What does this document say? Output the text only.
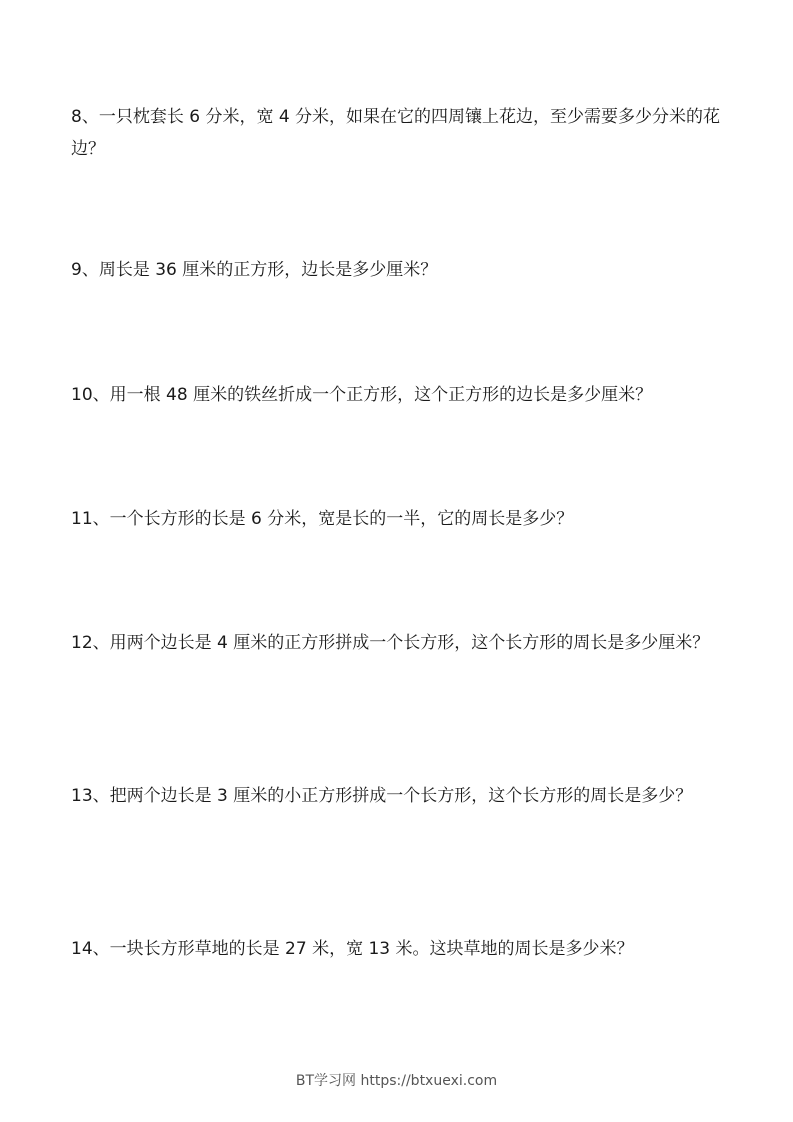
8、一只枕套长 6 分米，宽 4 分米，如果在它的四周镶上花边，至少需要多少分米的花边？

9、周长是 36 厘米的正方形，边长是多少厘米？

10、用一根 48 厘米的铁丝折成一个正方形，这个正方形的边长是多少厘米？

11、一个长方形的长是 6 分米，宽是长的一半，它的周长是多少？

12、用两个边长是 4 厘米的正方形拼成一个长方形，这个长方形的周长是多少厘米？

13、把两个边长是 3 厘米的小正方形拼成一个长方形，这个长方形的周长是多少？

14、一块长方形草地的长是 27 米，宽 13 米。这块草地的周长是多少米？

BT学习网 https://btxuexi.com
